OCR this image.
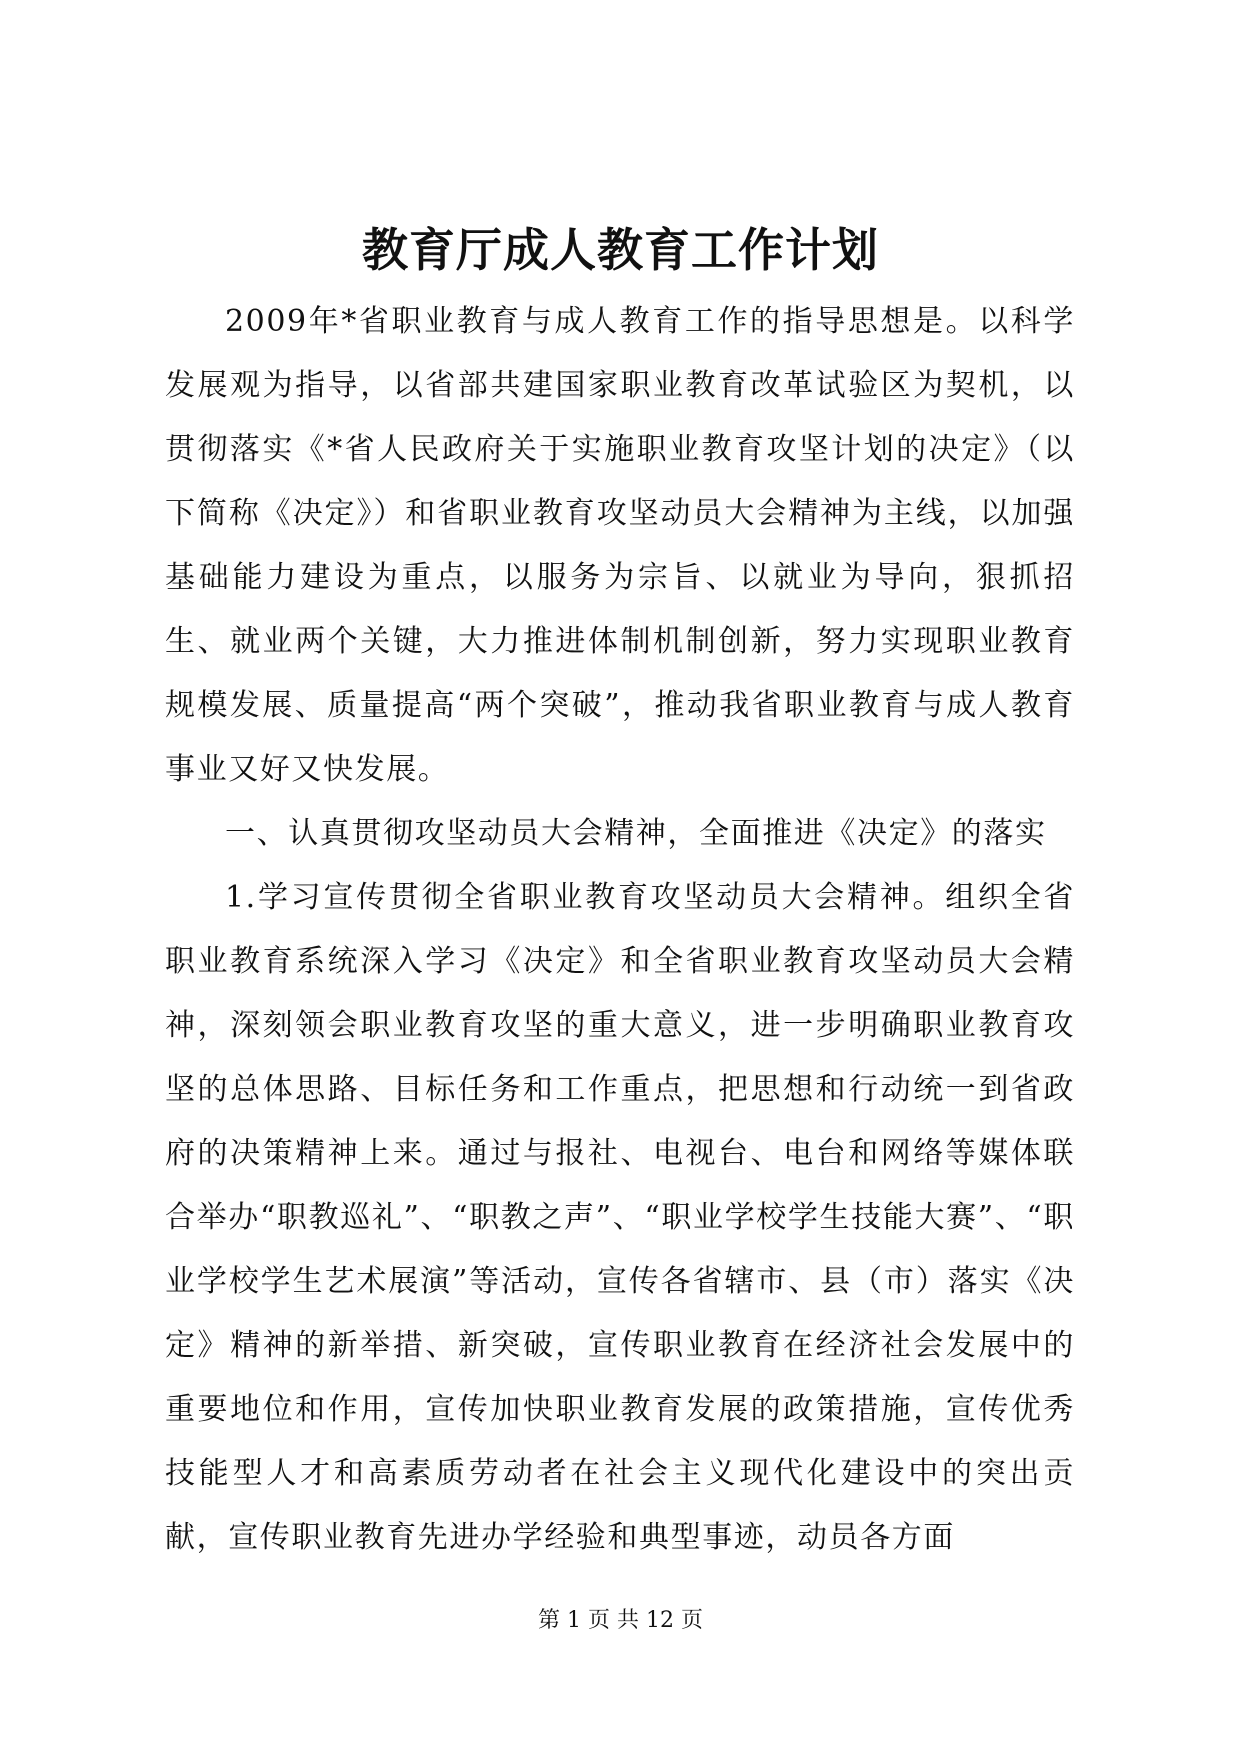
教育厅成人教育工作计划

2009年*省职业教育与成人教育工作的指导思想是。以科学发展观为指导，以省部共建国家职业教育改革试验区为契机，以贯彻落实《*省人民政府关于实施职业教育攻坚计划的决定》（以下简称《决定》）和省职业教育攻坚动员大会精神为主线，以加强基础能力建设为重点，以服务为宗旨、以就业为导向，狠抓招生、就业两个关键，大力推进体制机制创新，努力实现职业教育规模发展、质量提高“两个突破”，推动我省职业教育与成人教育事业又好又快发展。

一、认真贯彻攻坚动员大会精神，全面推进《决定》的落实

1.学习宣传贯彻全省职业教育攻坚动员大会精神。组织全省职业教育系统深入学习《决定》和全省职业教育攻坚动员大会精神，深刻领会职业教育攻坚的重大意义，进一步明确职业教育攻坚的总体思路、目标任务和工作重点，把思想和行动统一到省政府的决策精神上来。通过与报社、电视台、电台和网络等媒体联合举办“职教巡礼”、“职教之声”、“职业学校学生技能大赛”、“职业学校学生艺术展演”等活动，宣传各省辖市、县（市）落实《决定》精神的新举措、新突破，宣传职业教育在经济社会发展中的重要地位和作用，宣传加快职业教育发展的政策措施，宣传优秀技能型人才和高素质劳动者在社会主义现代化建设中的突出贡献，宣传职业教育先进办学经验和典型事迹，动员各方面

第 1 页 共 12 页
